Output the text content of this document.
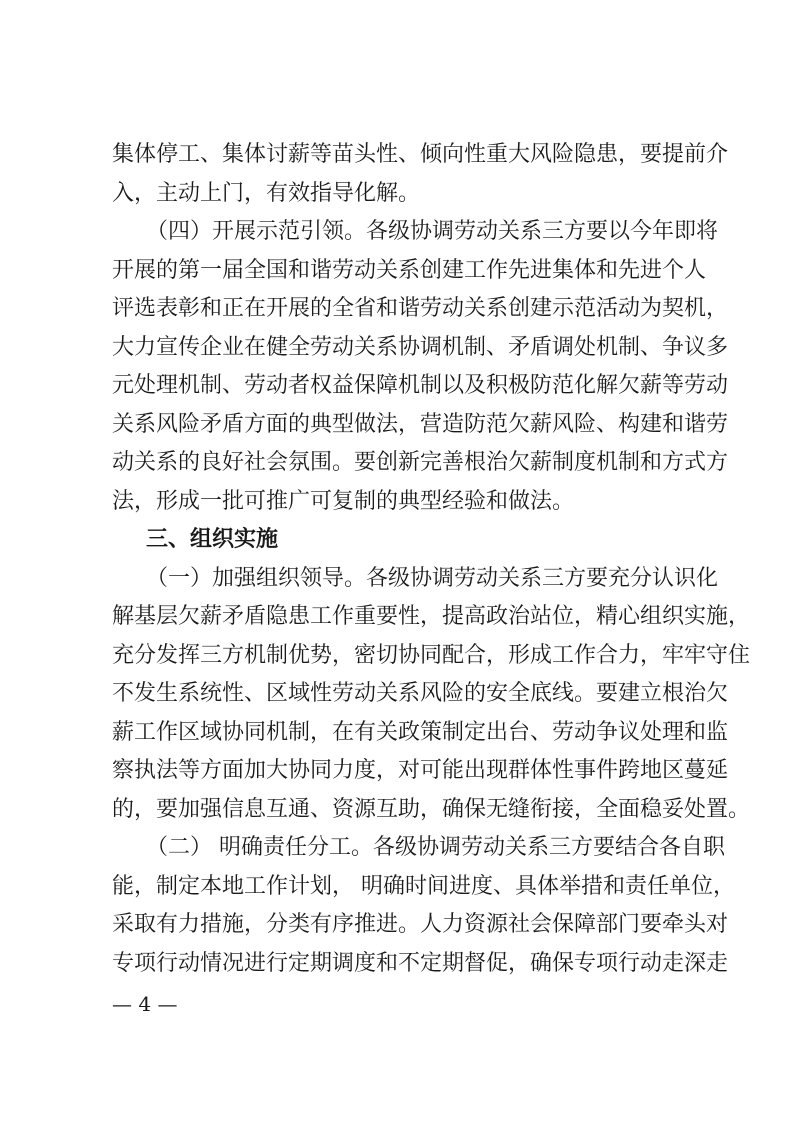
集体停工、集体讨薪等苗头性、倾向性重大风险隐患，要提前介
入，主动上门，有效指导化解。
（四）开展示范引领。各级协调劳动关系三方要以今年即将
开展的第一届全国和谐劳动关系创建工作先进集体和先进个人
评选表彰和正在开展的全省和谐劳动关系创建示范活动为契机，
大力宣传企业在健全劳动关系协调机制、矛盾调处机制、争议多
元处理机制、劳动者权益保障机制以及积极防范化解欠薪等劳动
关系风险矛盾方面的典型做法，营造防范欠薪风险、构建和谐劳
动关系的良好社会氛围。要创新完善根治欠薪制度机制和方式方
法，形成一批可推广可复制的典型经验和做法。
三、组织实施
（一）加强组织领导。各级协调劳动关系三方要充分认识化
解基层欠薪矛盾隐患工作重要性，提高政治站位，精心组织实施，
充分发挥三方机制优势，密切协同配合，形成工作合力，牢牢守住
不发生系统性、区域性劳动关系风险的安全底线。要建立根治欠
薪工作区域协同机制，在有关政策制定出台、劳动争议处理和监
察执法等方面加大协同力度，对可能出现群体性事件跨地区蔓延
的，要加强信息互通、资源互助，确保无缝衔接，全面稳妥处置。
（二） 明确责任分工。各级协调劳动关系三方要结合各自职
能，制定本地工作计划， 明确时间进度、具体举措和责任单位，
采取有力措施，分类有序推进。人力资源社会保障部门要牵头对
专项行动情况进行定期调度和不定期督促，确保专项行动走深走
— 4 —
